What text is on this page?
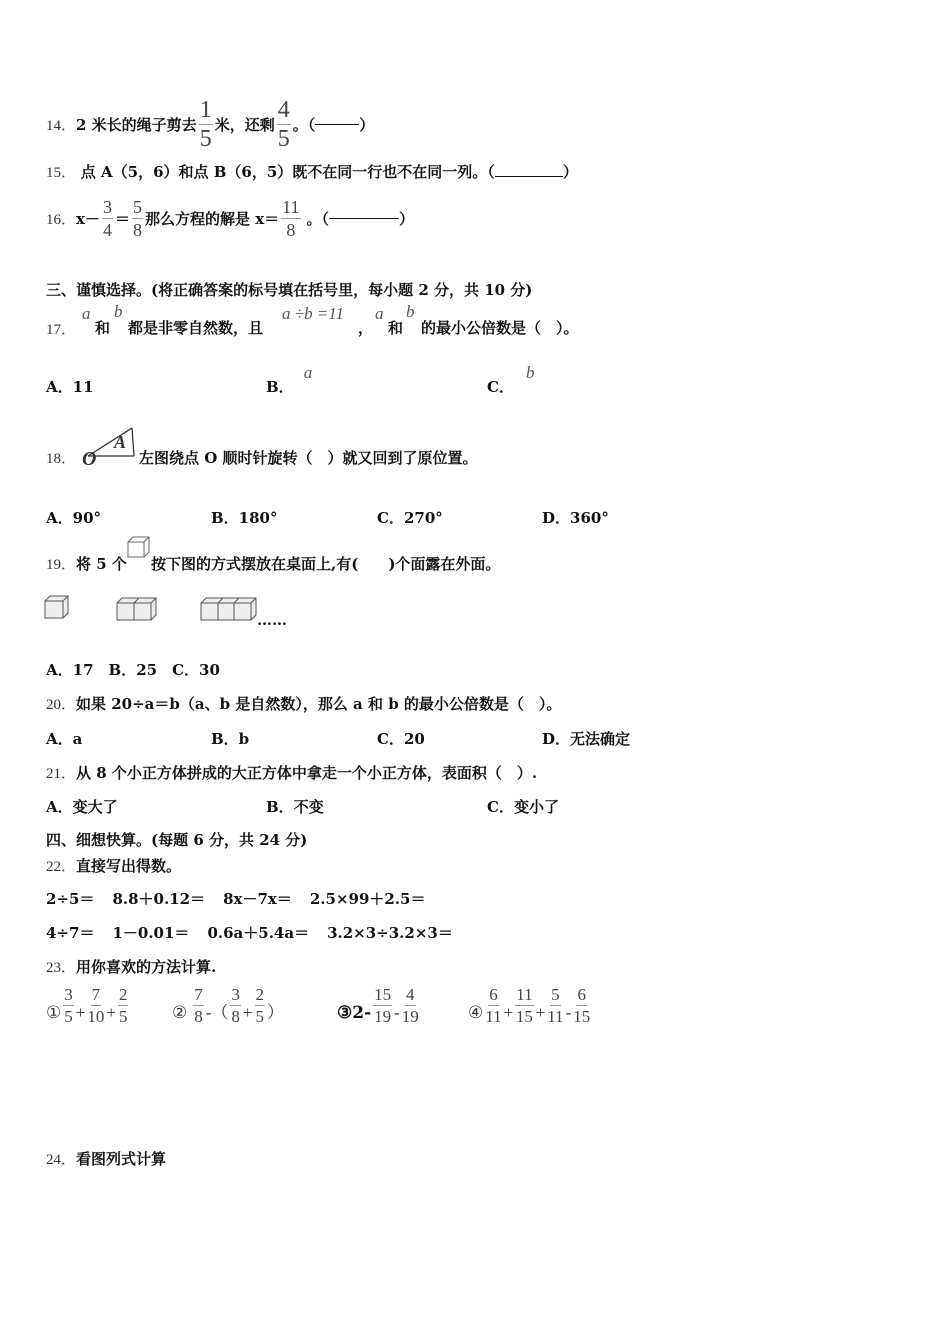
14． 2 米长的绳子剪去 $\frac{1}{5}$ 米，还剩 $\frac{4}{5}$ 。（	）
15． 点 A（5，6）和点 B（6，5）既不在同一行也不在同一列。（	）
16． $x- \frac{3}{4} = \frac{5}{8}$ 那么方程的解是 $x= \frac{11}{8}$ 。（	）
三、谨慎选择。(将正确答案的标号填在括号里，每小题 2 分，共 10 分)
17．
a
和
b
都是非零自然数，且
a ÷b =11
，
a
和
b
的最小公倍数是（　）。
A．11	B．a
C．b
18． O
A
左图绕点 O 顺时针旋转（　）就又回到了原位置。
A．90°	B．180°	C．270°	D．360°
19．将 5 个 按下图的方式摆放在桌面上,有(　　)个面露在外面。
……
A．17　B．25　C．30
20．如果 20÷a＝b（a、b 是自然数），那么 a 和 b 的最小公倍数是（　）。
A．a	B．b	C．20	D．无法确定
21．从 8 个小正方体拼成的大正方体中拿走一个小正方体，表面积（　）.
A．变大了	B．不变	C．变小了
四、细想快算。(每题 6 分，共 24 分)
22．直接写出得数。
2÷5＝ 8.8＋0.12＝ 8x－7x＝ 2.5×99＋2.5＝
4÷7＝ 1－0.01＝ 0.6a＋5.4a＝ 3.2×3÷3.2×3＝
23．用你喜欢的方法计算.
① $\frac{3}{5} + \frac{7}{10} + \frac{2}{5}$	② $\frac{7}{8}$ -（ $\frac{3}{8} + \frac{2}{5}$ ）	③2- $\frac{15}{19} - \frac{4}{19}$	④ $\frac{6}{11} + \frac{11}{15} + \frac{5}{11} - \frac{6}{15}$
24．看图列式计算
